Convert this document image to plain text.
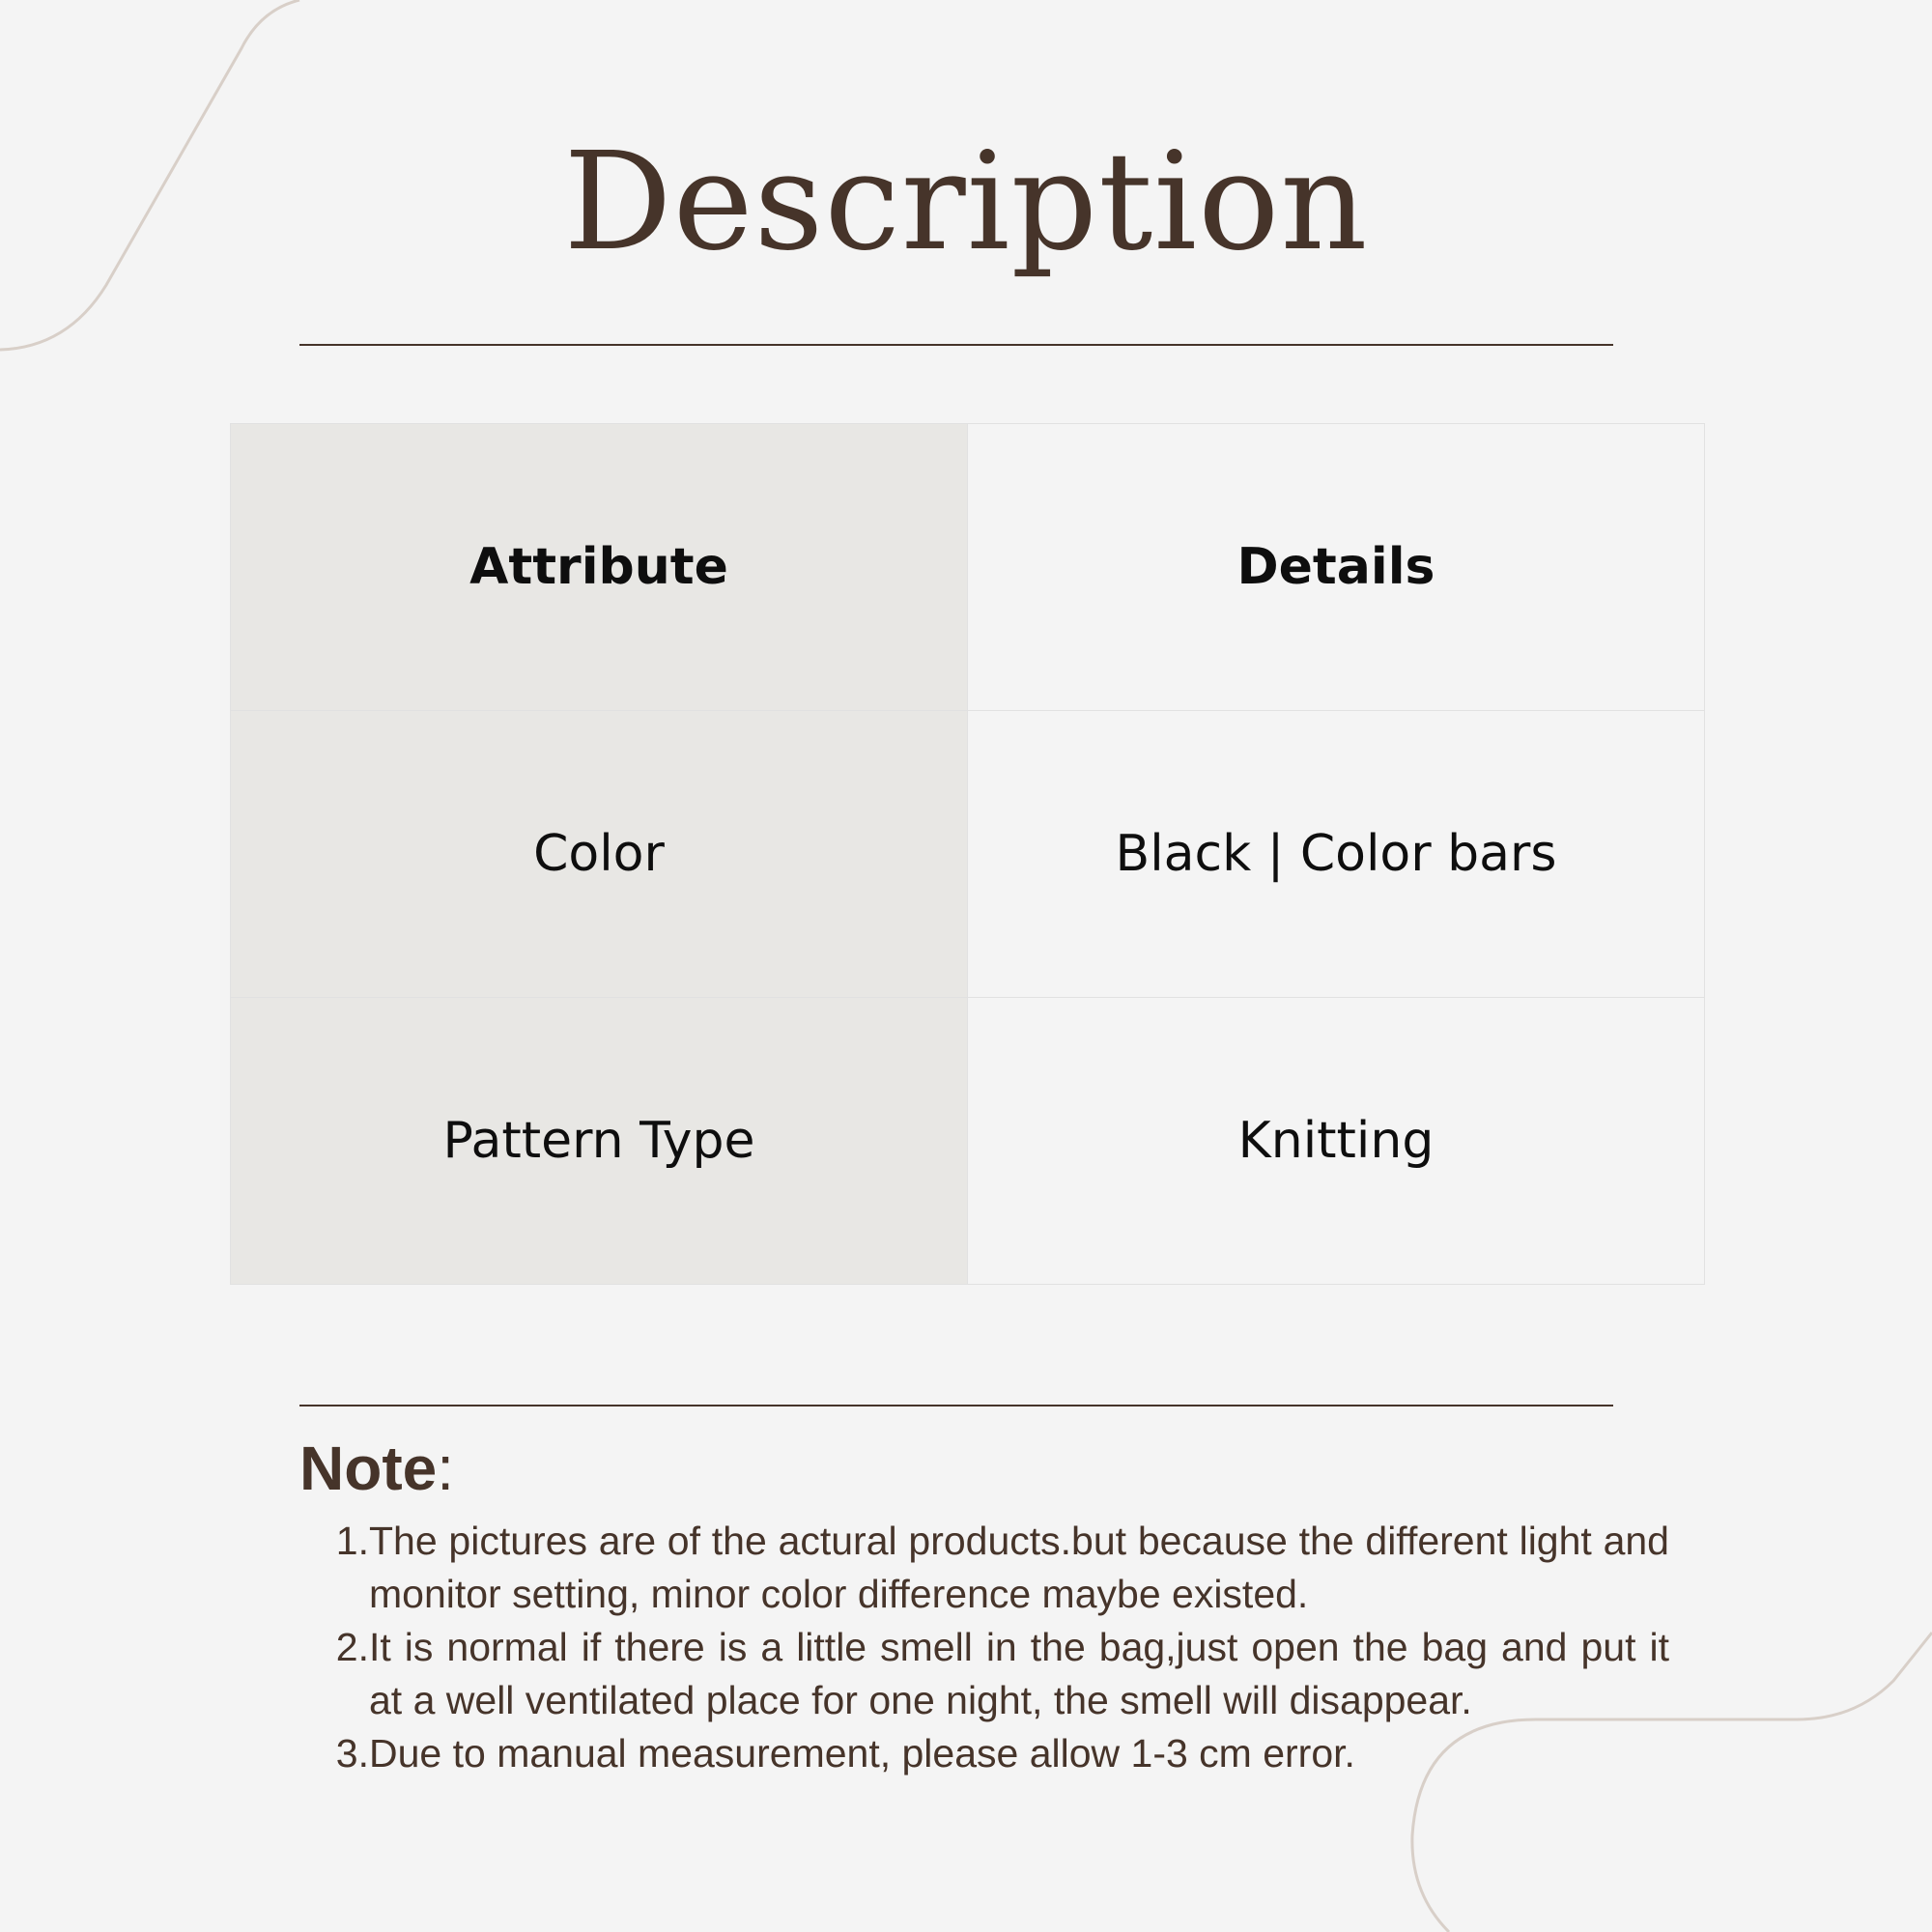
Description
Attribute	Details
Color	Black | Color bars
Pattern Type	Knitting
Note:
1. The pictures are of the actural products.but because the different light and monitor setting, minor color difference maybe existed.
2. It is normal if there is a little smell in the bag,just open the bag and put it at a well ventilated place for one night, the smell will disappear.
3. Due to manual measurement, please allow 1-3 cm error.
